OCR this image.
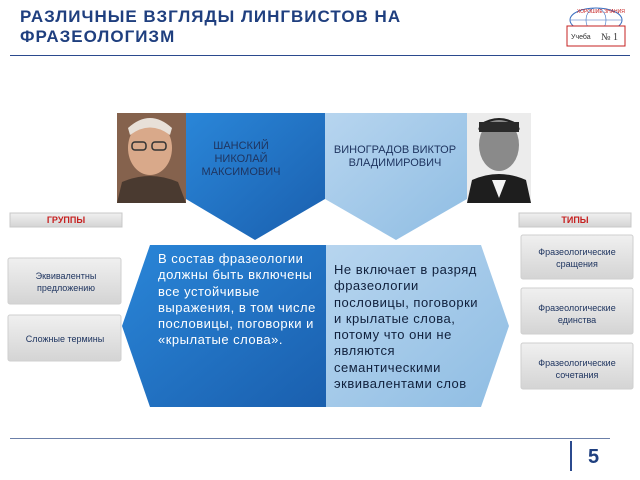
РАЗЛИЧНЫЕ ВЗГЛЯДЫ ЛИНГВИСТОВ НА ФРАЗЕОЛОГИЗМ	Учеба № 1
ХОРОШИЕ ЗНАНИЯ
ШАНСКИЙ НИКОЛАЙ МАКСИМОВИЧ
ВИНОГРАДОВ ВИКТОР ВЛАДИМИРОВИЧ
ГРУППЫ	ТИПЫ
Эквивалентны предложению
Сложные термины
Фразеологические сращения
Фразеологические единства
Фразеологические сочетания
В состав фразеологии должны быть включены все устойчивые выражения, в том числе пословицы, поговорки и «крылатые слова».
Не включает в разряд фразеологии пословицы, поговорки и крылатые слова, потому что они не являются семантическими эквивалентами слов
5
